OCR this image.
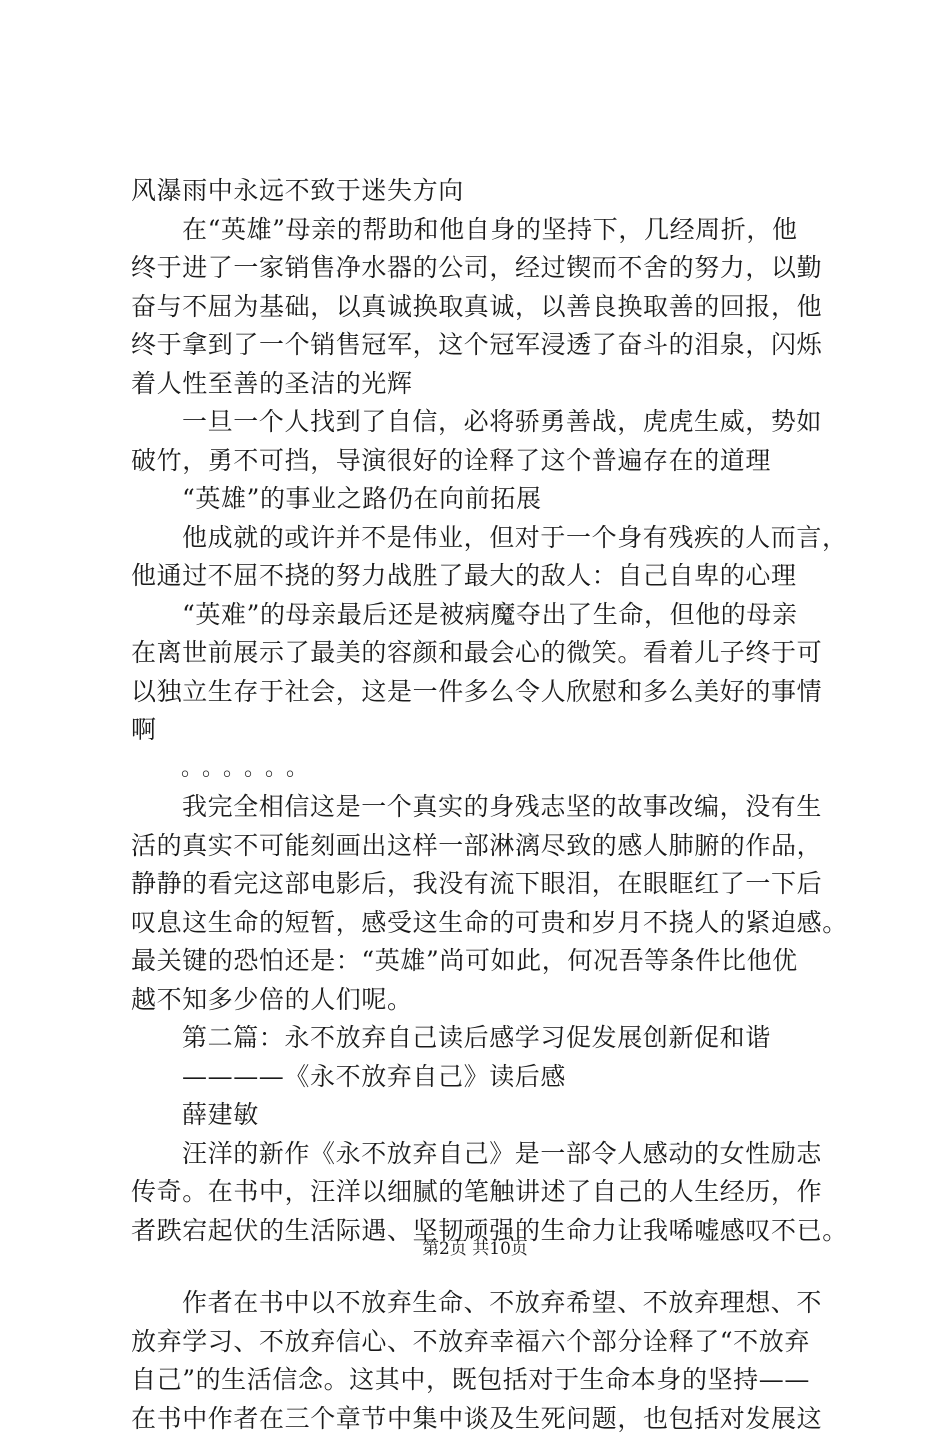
风瀑雨中永远不致于迷失方向
在“英雄”母亲的帮助和他自身的坚持下，几经周折，他
终于进了一家销售净水器的公司，经过锲而不舍的努力，以勤
奋与不屈为基础，以真诚换取真诚，以善良换取善的回报，他
终于拿到了一个销售冠军，这个冠军浸透了奋斗的泪泉，闪烁
着人性至善的圣洁的光辉
一旦一个人找到了自信，必将骄勇善战，虎虎生威，势如
破竹，勇不可挡，导演很好的诠释了这个普遍存在的道理
“英雄”的事业之路仍在向前拓展
他成就的或许并不是伟业，但对于一个身有残疾的人而言，
他通过不屈不挠的努力战胜了最大的敌人：自己自卑的心理
“英难”的母亲最后还是被病魔夺出了生命，但他的母亲
在离世前展示了最美的容颜和最会心的微笑。看着儿子终于可
以独立生存于社会，这是一件多么令人欣慰和多么美好的事情
啊
。。。。。。
我完全相信这是一个真实的身残志坚的故事改编，没有生
活的真实不可能刻画出这样一部淋漓尽致的感人肺腑的作品，
静静的看完这部电影后，我没有流下眼泪，在眼眶红了一下后
叹息这生命的短暂，感受这生命的可贵和岁月不挠人的紧迫感。
最关键的恐怕还是：“英雄”尚可如此，何况吾等条件比他优
越不知多少倍的人们呢。
第二篇：永不放弃自己读后感学习促发展创新促和谐
————《永不放弃自己》读后感
薛建敏
汪洋的新作《永不放弃自己》是一部令人感动的女性励志
传奇。在书中，汪洋以细腻的笔触讲述了自己的人生经历，作
者跌宕起伏的生活际遇、坚韧顽强的生命力让我唏嘘感叹不已。
作者在书中以不放弃生命、不放弃希望、不放弃理想、不
放弃学习、不放弃信心、不放弃幸福六个部分诠释了“不放弃
自己”的生活信念。这其中，既包括对于生命本身的坚持——
在书中作者在三个章节中集中谈及生死问题，也包括对发展这
第2页 共10页
